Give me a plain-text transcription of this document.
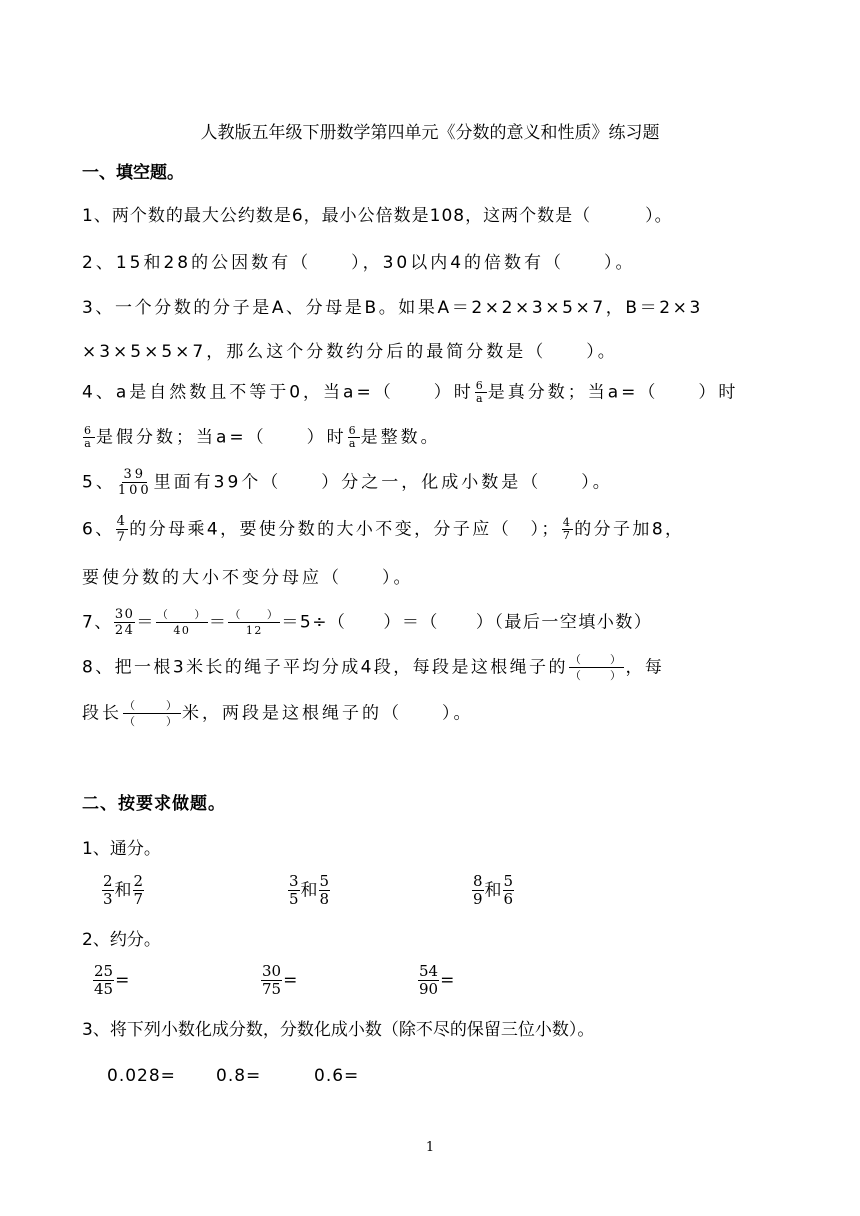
人教版五年级下册数学第四单元《分数的意义和性质》练习题
一、填空题。
1、两个数的最大公约数是6，最小公倍数是108，这两个数是（　　　）。
2、15和28的公因数有（　　），30以内4的倍数有（　　）。
3、一个分数的分子是A、分母是B。如果A＝2×2×3×5×7，B＝2×3
×3×5×5×7，那么这个分数约分后的最简分数是（　　）。
4、a是自然数且不等于0，当a=（　　）时 $\frac{6}{a}$ 是真分数；当a=（　　）时
$\frac{6}{a}$ 是假分数；当a=（　　）时 $\frac{6}{a}$ 是整数。
5、 $\frac{39}{100}$ 里面有39个（　　）分之一，化成小数是（　　）。
6、 $\frac{4}{7}$ 的分母乘4，要使分数的大小不变，分子应（　）； $\frac{4}{7}$ 的分子加8，
要使分数的大小不变分母应（　　）。
7、 $\frac{30}{24}$ ＝ （　　）
40	＝ （　　）
12	＝5÷（　　）＝（　　）（最后一空填小数）
8、把一根3米长的绳子平均分成4段，每段是这根绳子的 （　　）
（　　） ，每
段长 （　　）
（　　） 米，两段是这根绳子的（　　）。
二、按要求做题。
1、通分。
$\frac{2}{3}$ 和 $\frac{2}{7}$	$\frac{3}{5}$ 和 $\frac{5}{8}$	$\frac{8}{9}$ 和 $\frac{5}{6}$
2、约分。
$\frac{25}{45}$ =	$\frac{30}{75}$ =	$\frac{54}{90}$ =
3、将下列小数化成分数，分数化成小数（除不尽的保留三位小数）。
0.028= 0.8=	0.6=
1
